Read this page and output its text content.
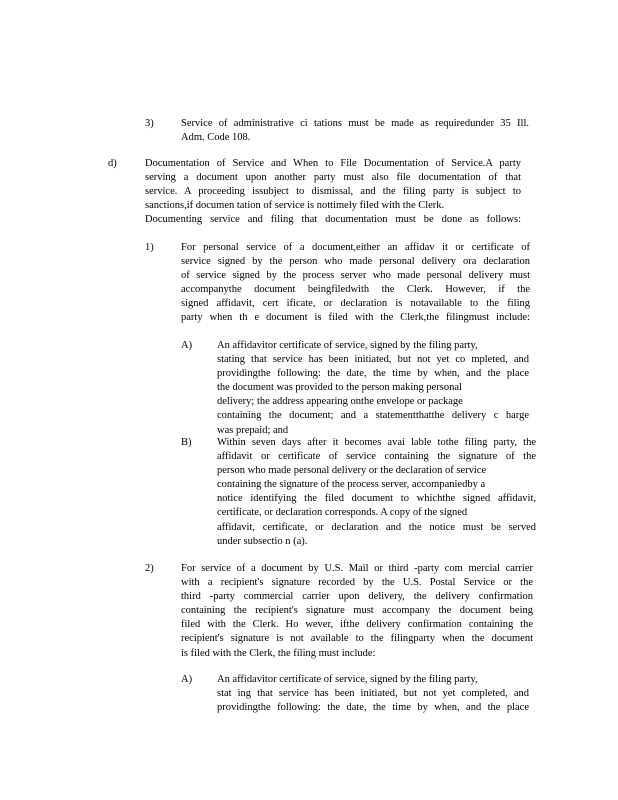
3)	Service of administrative ci tations must be made as requiredunder 35 Ill.
Adm. Code 108.
d)	Documentation of Service and When to File Documentation of Service.A party
serving a document upon another party must also file documentation of that
service. A proceeding issubject to dismissal, and the filing party is subject to
sanctions,if documen tation of service is nottimely filed with the Clerk.
Documenting service and filing that documentation must be done as follows:
1)	For personal service of a document,either an affidav it or certificate of
service signed by the person who made personal delivery ora declaration
of service signed by the process server who made personal delivery must
accompanythe document beingfiledwith the Clerk. However, if the
signed affidavit, cert ificate, or declaration is notavailable to the filing
party when th e document is filed with the Clerk,the filingmust include:
A) An affidavitor certificate of service, signed by the filing party,
stating that service has been initiated, but not yet co mpleted, and
providingthe following: the date, the time by when, and the place
the document was provided to the person making personal
delivery; the address appearing onthe envelope or package
containing the document; and a statementthatthe delivery c harge
was prepaid; and
B) Within seven days after it becomes avai lable tothe filing party, the
affidavit or certificate of service containing the signature of the
person who made personal delivery or the declaration of service
containing the signature of the process server, accompaniedby a
notice identifying the filed document to whichthe signed affidavit,
certificate, or declaration corresponds. A copy of the signed
affidavit, certificate, or declaration and the notice must be served
under subsectio n (a).
2)	For service of a document by U.S. Mail or third -party com mercial carrier
with a recipient's signature recorded by the U.S. Postal Service or the
third -party commercial carrier upon delivery, the delivery confirmation
containing the recipient's signature must accompany the document being
filed with the Clerk. Ho wever, ifthe delivery confirmation containing the
recipient's signature is not available to the filingparty when the document
is filed with the Clerk, the filing must include:
A) An affidavitor certificate of service, signed by the filing party,
stat ing that service has been initiated, but not yet completed, and
providingthe following: the date, the time by when, and the place
